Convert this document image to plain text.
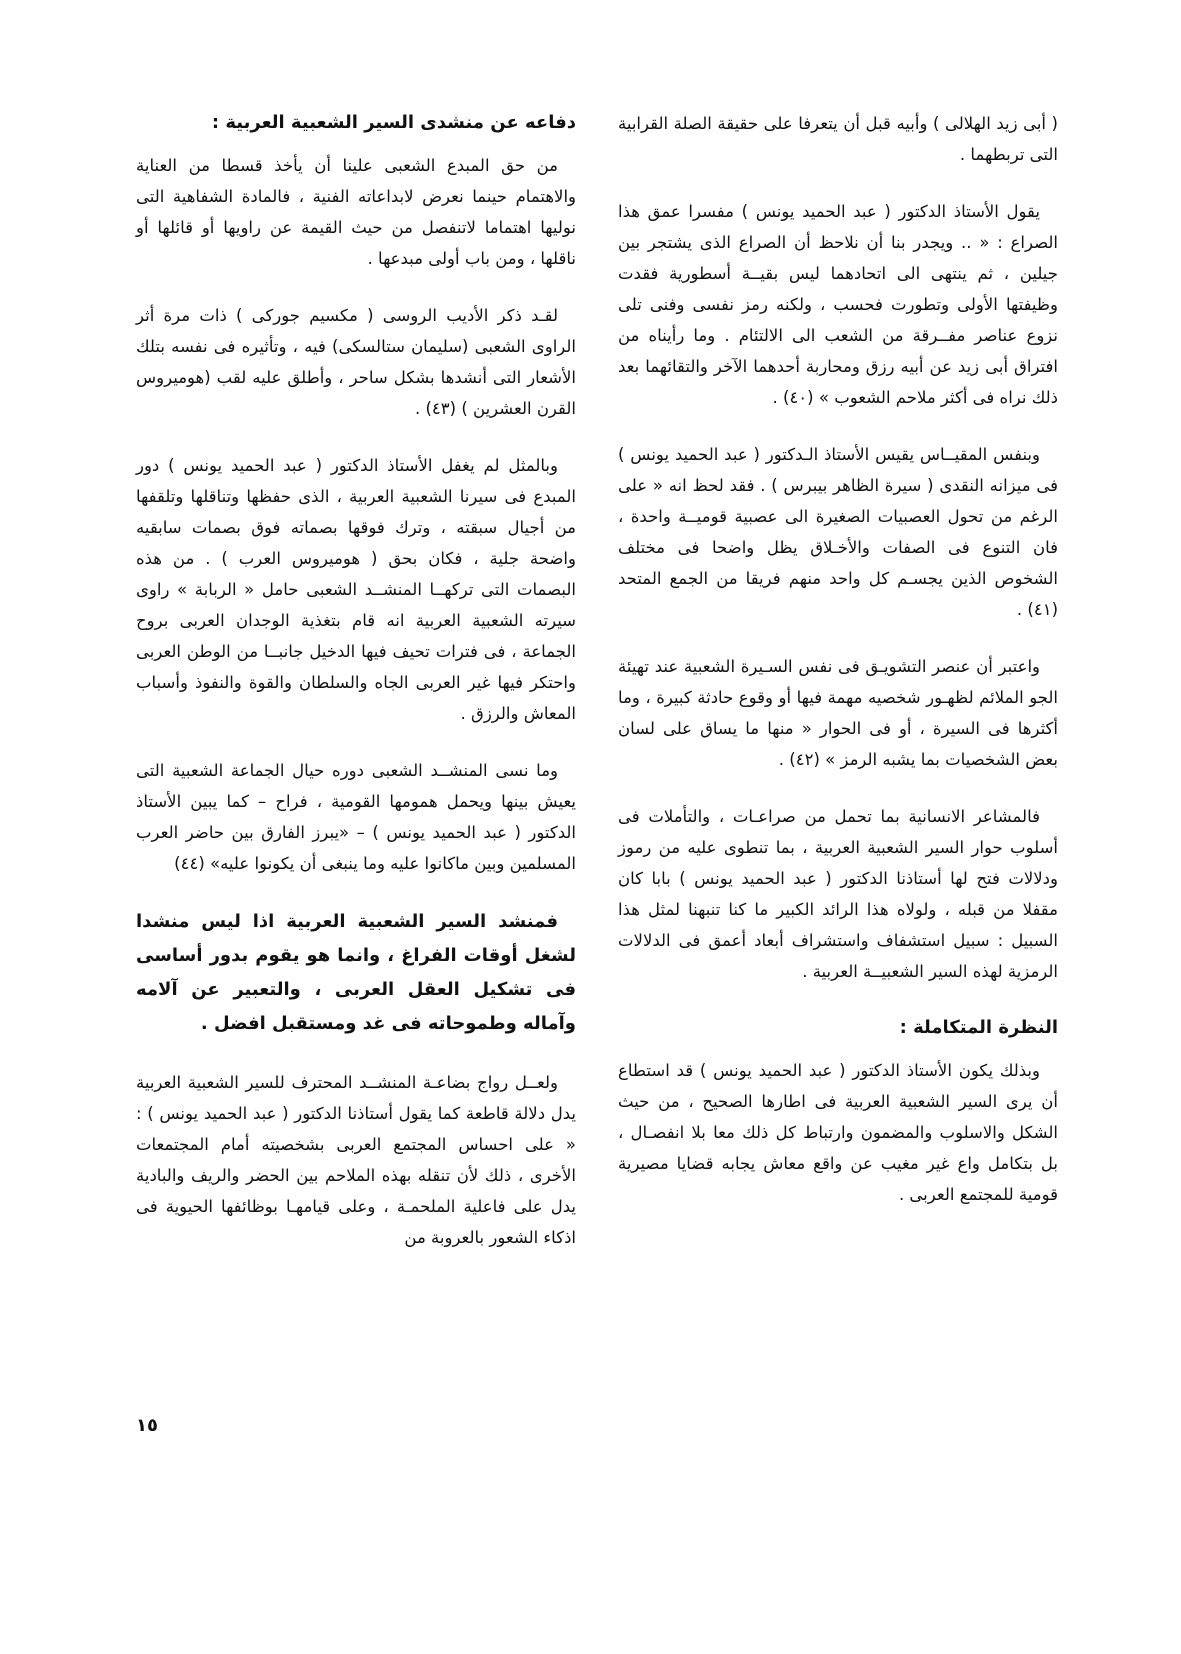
( أبى زيد الهلالى ) وأبيه قبل أن يتعرفا على حقيقة الصلة القرابية التى تربطهما .

يقول الأستاذ الدكتور ( عبد الحميد يونس ) مفسرا عمق هذا الصراع : « .. ويجدر بنا أن نلاحظ أن الصراع الذى يشتجر بين جيلين ، ثم ينتهى الى اتحادهما ليس بقيــة أسطورية فقدت وظيفتها الأولى وتطورت فحسب ، ولكنه رمز نفسى وفنى تلى نزوع عناصر مفــرقة من الشعب الى الالتئام . وما رأيناه من افتراق أبى زيد عن أبيه رزق ومحاربة أحدهما الآخر والتقائهما بعد ذلك نراه فى أكثر ملاحم الشعوب » (٤٠) .

وبنفس المقيــاس يقيس الأستاذ الـدكتور ( عبد الحميد يونس ) فى ميزانه النقدى ( سيرة الظاهر بيبرس ) . فقد لحظ انه « على الرغم من تحول العصبيات الصغيرة الى عصبية قوميــة واحدة ، فان التنوع فى الصفات والأخـلاق يظل واضحا فى مختلف الشخوص الذين يجسـم كل واحد منهم فريقا من الجمع المتحد (٤١) .

واعتبر أن عنصر التشويـق فى نفس السـيرة الشعبية عند تهيئة الجو الملائم لظهـور شخصيه مهمة فيها أو وقوع حادثة كبيرة ، وما أكثرها فى السيرة ، أو فى الحوار « منها ما يساق على لسان بعض الشخصيات بما يشبه الرمز » (٤٢) .

فالمشاعر الانسانية بما تحمل من صراعـات ، والتأملات فى أسلوب حوار السير الشعبية العربية ، بما تنطوى عليه من رموز ودلالات فتح لها أستاذنا الدكتور ( عبد الحميد يونس ) بابا كان مقفلا من قبله ، ولولاه هذا الرائد الكبير ما كنا تنبهنا لمثل هذا السبيل : سبيل استشفاف واستشراف أبعاد أعمق فى الدلالات الرمزية لهذه السير الشعبيــة العربية .

النظرة المتكاملة :

وبذلك يكون الأستاذ الدكتور ( عبد الحميد يونس ) قد استطاع أن يرى السير الشعبية العربية فى اطارها الصحيح ، من حيث الشكل والاسلوب والمضمون وارتباط كل ذلك معا بلا انفصـال ، بل بتكامل واع غير مغيب عن واقع معاش يجابه قضايا مصيرية قومية للمجتمع العربى .

دفاعه عن منشدى السير الشعبية العربية :

من حق المبدع الشعبى علينا أن يأخذ قسطا من العناية والاهتمام حينما نعرض لابداعاته الفنية ، فالمادة الشفاهية التى نوليها اهتماما لاتنفصل من حيث القيمة عن راويها أو قائلها أو ناقلها ، ومن باب أولى مبدعها .

لقـد ذكر الأديب الروسى ( مكسيم جوركى ) ذات مرة أثر الراوى الشعبى (سليمان ستالسكى) فيه ، وتأثيره فى نفسه بتلك الأشعار التى أنشدها بشكل ساحر ، وأطلق عليه لقب (هوميروس القرن العشرين ) (٤٣) .

وبالمثل لم يغفل الأستاذ الدكتور ( عبد الحميد يونس ) دور المبدع فى سيرنا الشعبية العربية ، الذى حفظها وتناقلها وتلقفها من أجيال سبقته ، وترك فوقها بصماته فوق بصمات سابقيه واضحة جلية ، فكان بحق ( هوميروس العرب ) . من هذه البصمات التى تركهــا المنشــد الشعبى حامل « الربابة » راوى سيرته الشعبية العربية انه قام بتغذية الوجدان العربى بروح الجماعة ، فى فترات تحيف فيها الدخيل جانبــا من الوطن العربى واحتكر فيها غير العربى الجاه والسلطان والقوة والنفوذ وأسباب المعاش والرزق .

وما نسى المنشــد الشعبى دوره حيال الجماعة الشعبية التى يعيش بينها ويحمل همومها القومية ، فراح – كما يبين الأستاذ الدكتور ( عبد الحميد يونس ) – «يبرز الفارق بين حاضر العرب المسلمين وبين ماكانوا عليه وما ينبغى أن يكونوا عليه» (٤٤)

فمنشد السير الشعبية العربية اذا ليس منشدا لشغل أوقات الفراغ ، وانما هو يقوم بدور أساسى فى تشكيل العقل العربى ، والتعبير عن آلامه وآماله وطموحاته فى غد ومستقبل افضل .

ولعــل رواج بضاعـة المنشــد المحترف للسير الشعبية العربية يدل دلالة قاطعة كما يقول أستاذنا الدكتور ( عبد الحميد يونس ) : « على احساس المجتمع العربى بشخصيته أمام المجتمعات الأخرى ، ذلك لأن تنقله بهذه الملاحم بين الحضر والريف والبادية يدل على فاعلية الملحمـة ، وعلى قيامهـا بوظائفها الحيوية فى اذكاء الشعور بالعروبة من

١٥
